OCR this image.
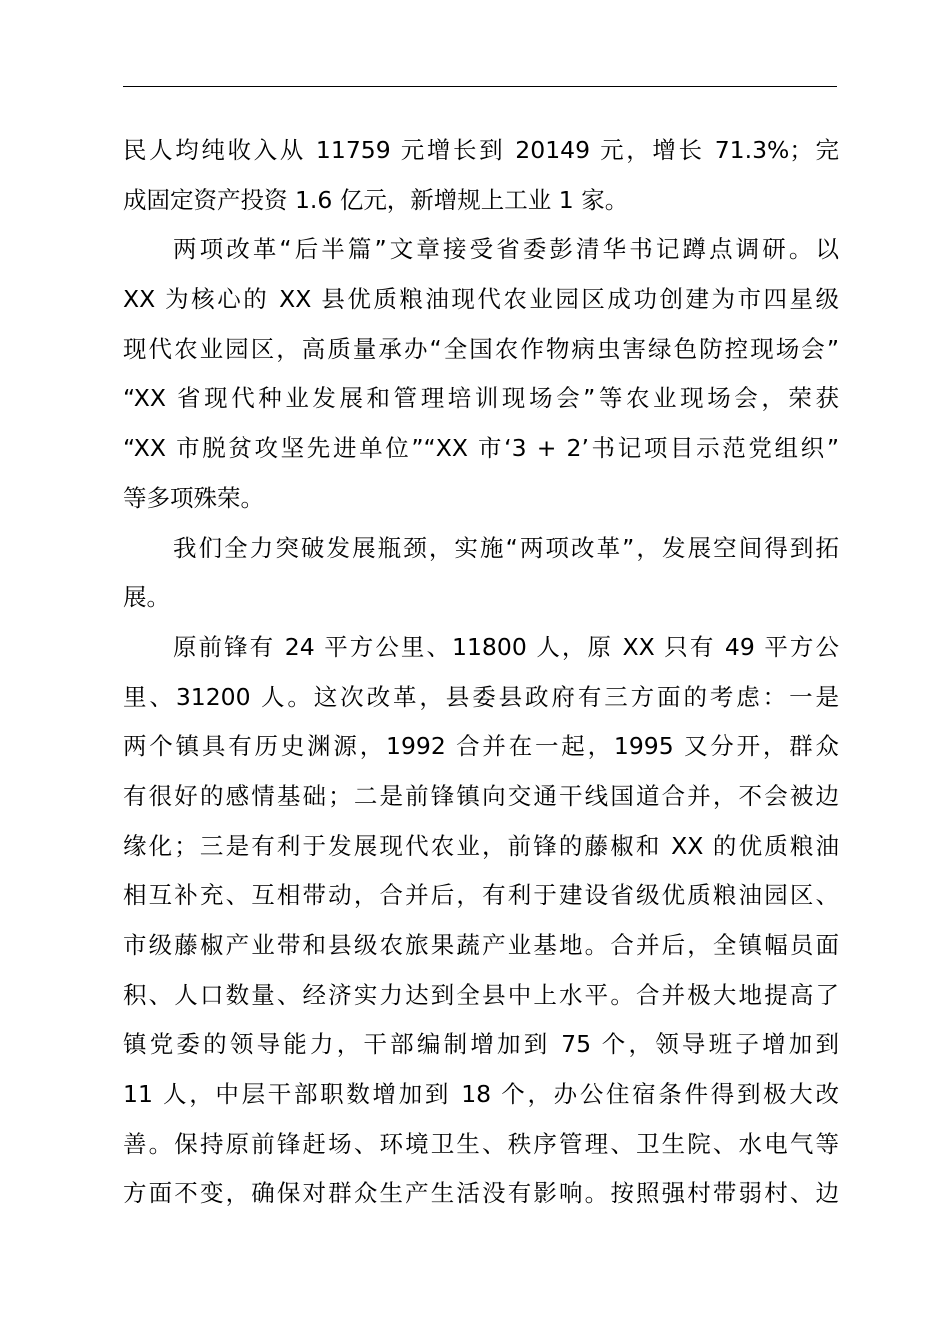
民人均纯收入从 11759 元增长到 20149 元，增长 71.3%；完
成固定资产投资 1.6 亿元，新增规上工业 1 家。
两项改革“后半篇”文章接受省委彭清华书记蹲点调研。以
XX 为核心的 XX 县优质粮油现代农业园区成功创建为市四星级
现代农业园区，高质量承办“全国农作物病虫害绿色防控现场会”
“XX 省现代种业发展和管理培训现场会”等农业现场会，荣获
“XX 市脱贫攻坚先进单位”“XX 市‘3 + 2’书记项目示范党组织”
等多项殊荣。
我们全力突破发展瓶颈，实施“两项改革”，发展空间得到拓
展。
原前锋有 24 平方公里、11800 人，原 XX 只有 49 平方公
里、31200 人。这次改革，县委县政府有三方面的考虑：一是
两个镇具有历史渊源，1992 合并在一起，1995 又分开，群众
有很好的感情基础；二是前锋镇向交通干线国道合并，不会被边
缘化；三是有利于发展现代农业，前锋的藤椒和 XX 的优质粮油
相互补充、互相带动，合并后，有利于建设省级优质粮油园区、
市级藤椒产业带和县级农旅果蔬产业基地。合并后，全镇幅员面
积、人口数量、经济实力达到全县中上水平。合并极大地提高了
镇党委的领导能力，干部编制增加到 75 个，领导班子增加到
11 人，中层干部职数增加到 18 个，办公住宿条件得到极大改
善。保持原前锋赶场、环境卫生、秩序管理、卫生院、水电气等
方面不变，确保对群众生产生活没有影响。按照强村带弱村、边
